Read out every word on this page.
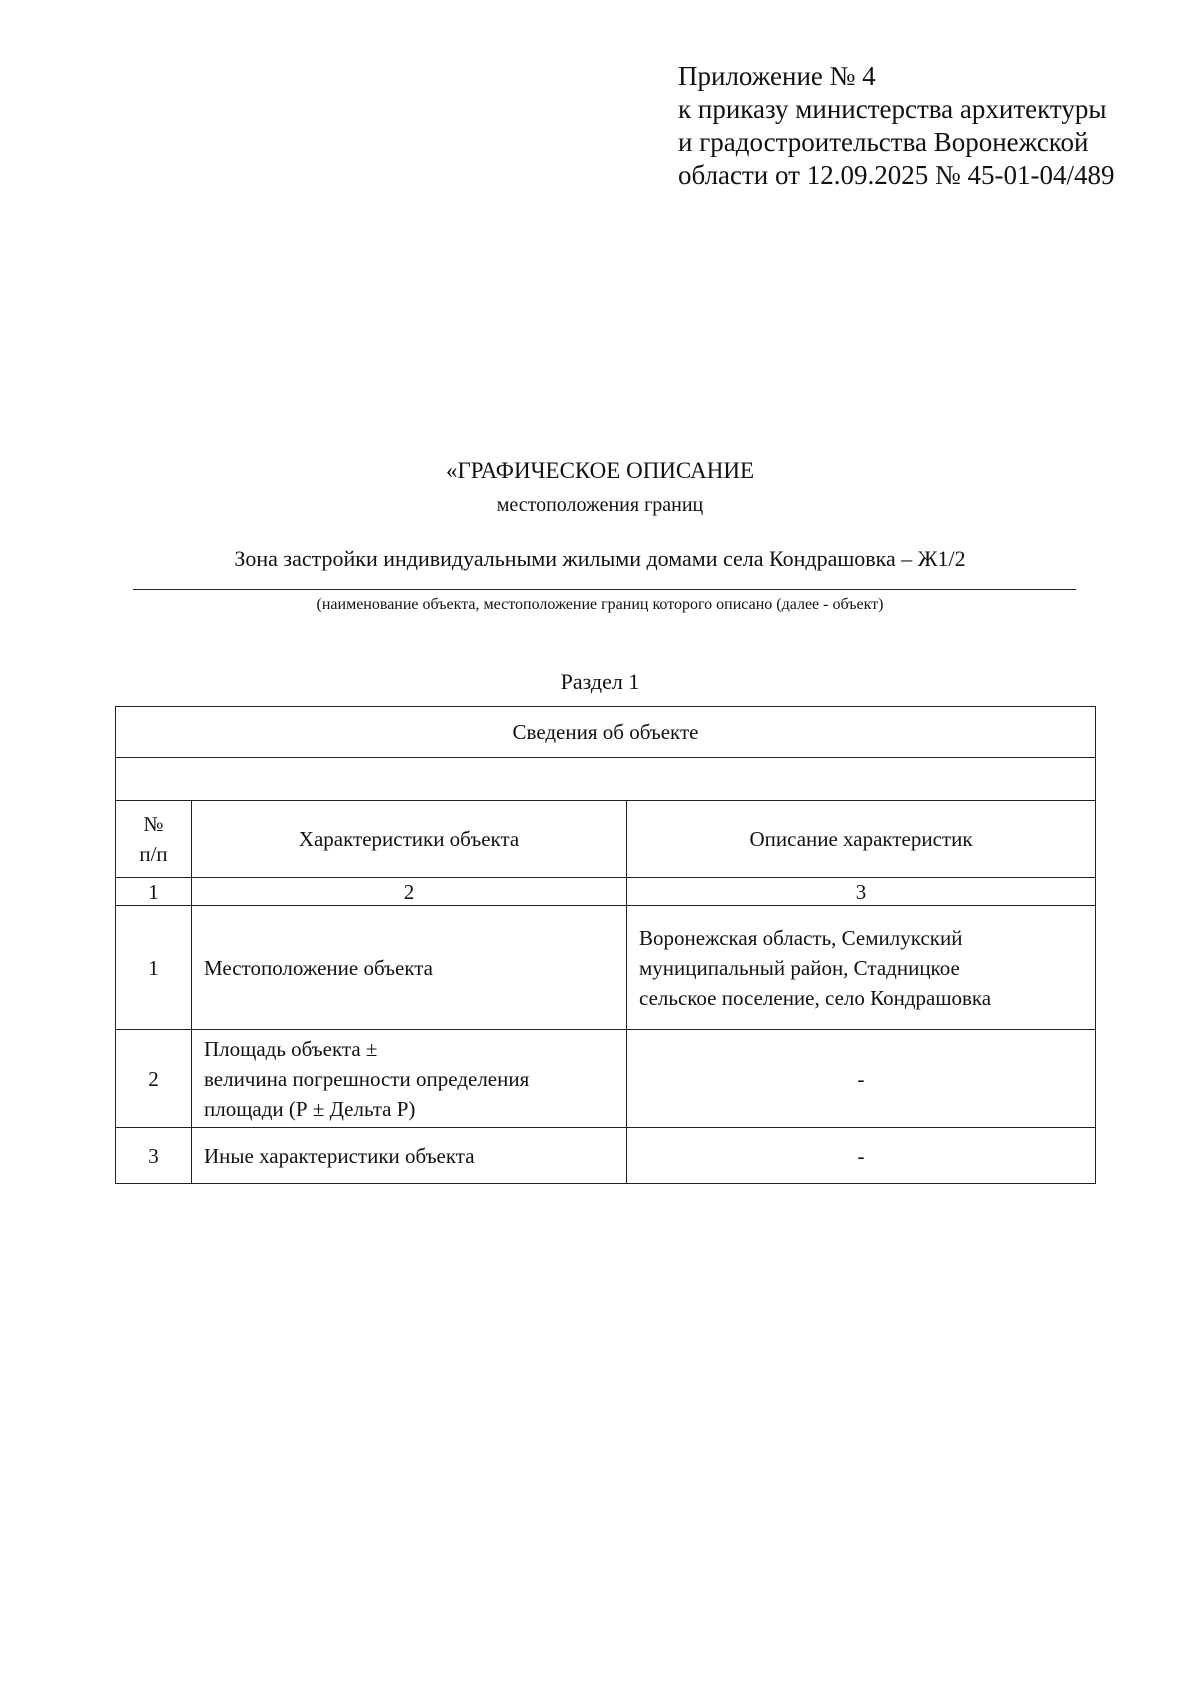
Приложение № 4
к приказу министерства архитектуры
и градостроительства Воронежской
области от 12.09.2025 № 45-01-04/489
«ГРАФИЧЕСКОЕ ОПИСАНИЕ
местоположения границ
Зона застройки индивидуальными жилыми домами села Кондрашовка – Ж1/2
(наименование объекта, местоположение границ которого описано (далее - объект)
Раздел 1
Сведения об объекте		

№
п/п	Характеристики объекта	Описание характеристик
1	2	3
1	Местоположение объекта	Воронежская область, Семилукский
муниципальный район, Стадницкое
сельское поселение, село Кондрашовка
2	Площадь объекта ±
величина погрешности определения
площади (Р ± Дельта Р)	-
3	Иные характеристики объекта	-
